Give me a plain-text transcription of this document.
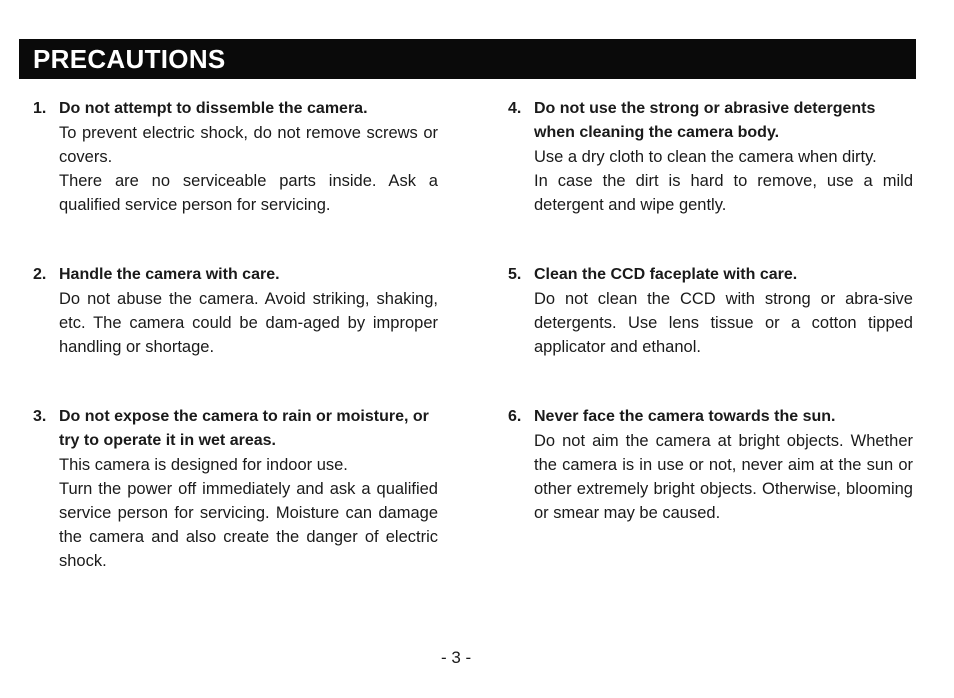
PRECAUTIONS
1. Do not attempt to dissemble the camera.

To prevent electric shock, do not remove screws or covers.

There are no serviceable parts inside. Ask a qualified service person for servicing.

2. Handle the camera with care.

Do not abuse the camera. Avoid striking, shaking, etc. The camera could be dam-aged by improper handling or shortage.

3. Do not expose the camera to rain or moisture, or try to operate it in wet areas.

This camera is designed for indoor use.

Turn the power off immediately and ask a qualified service person for servicing. Moisture can damage the camera and also create the danger of electric shock.

4. Do not use the strong or abrasive detergents when cleaning the camera body.

Use a dry cloth to clean the camera when dirty.

In case the dirt is hard to remove, use a mild detergent and wipe gently.

5. Clean the CCD faceplate with care.

Do not clean the CCD with strong or abra-sive detergents. Use lens tissue or a cotton tipped applicator and ethanol.

6. Never face the camera towards the sun.

Do not aim the camera at bright objects. Whether the camera is in use or not, never aim at the sun or other extremely bright objects. Otherwise, blooming or smear may be caused.

- 3 -
